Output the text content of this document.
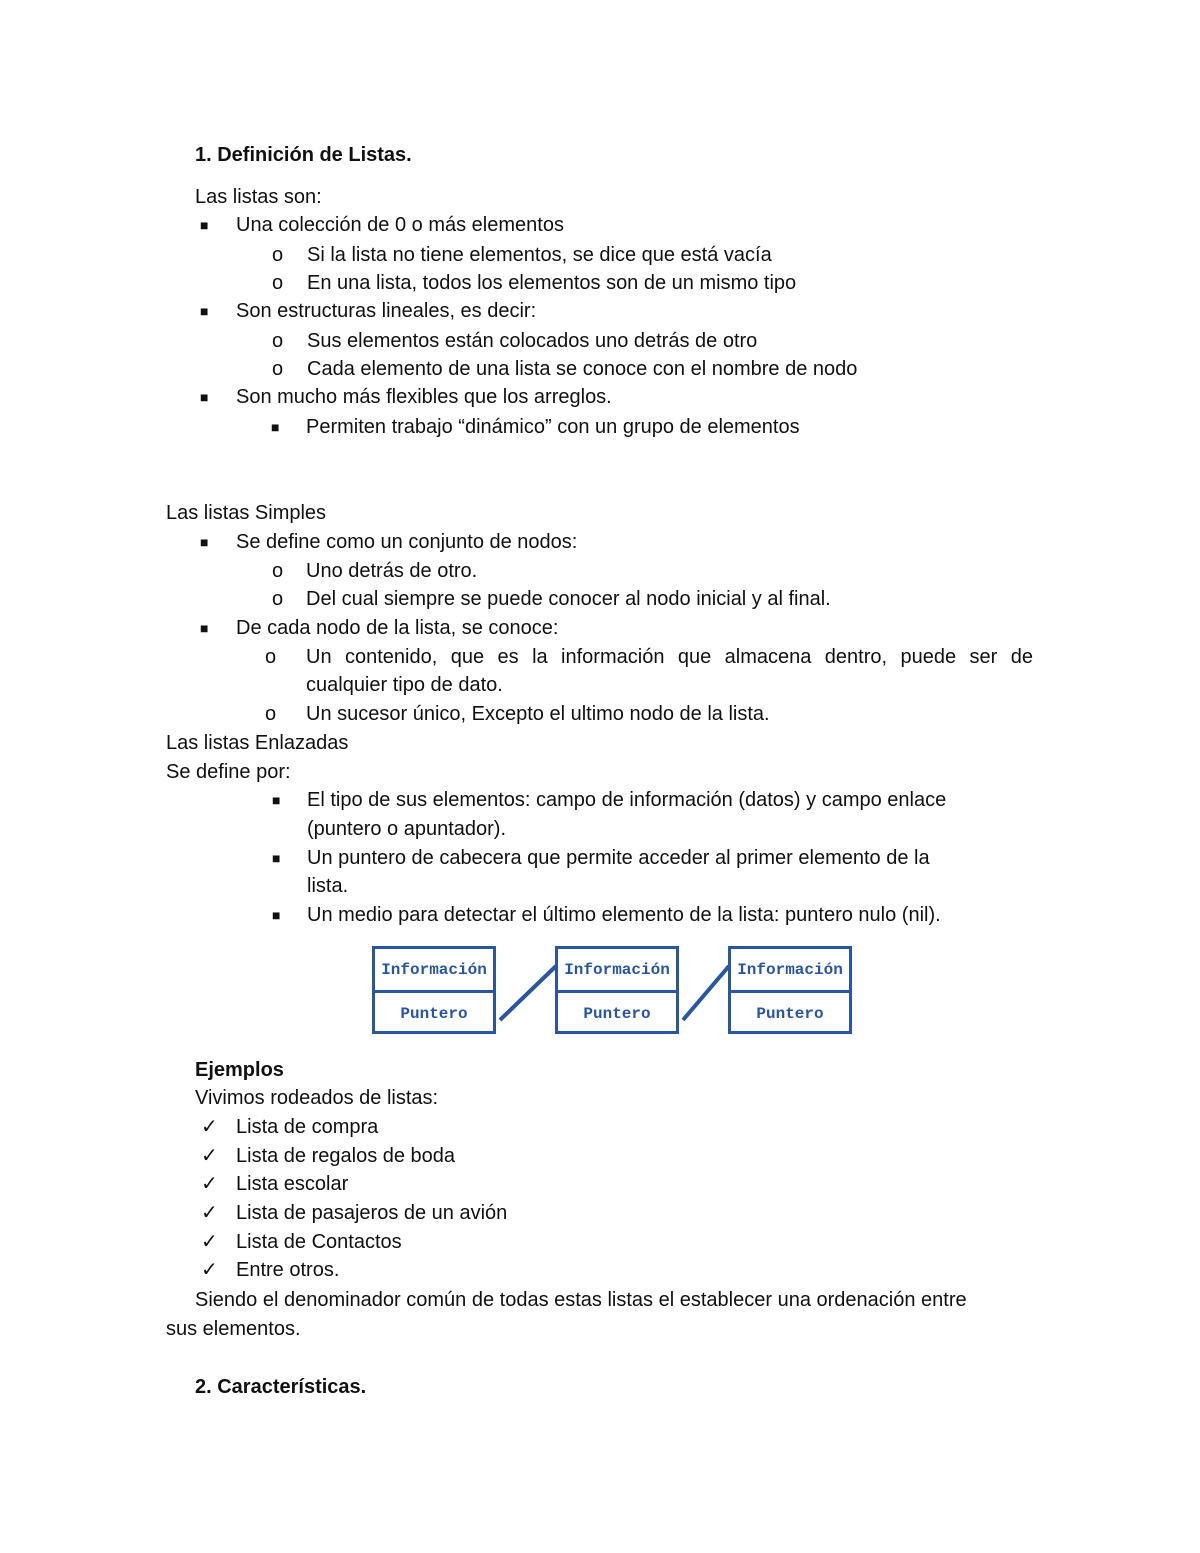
1. Definición de Listas.
Las listas son:
■ Una colección de 0 o más elementos
o Si la lista no tiene elementos, se dice que está vacía
o En una lista, todos los elementos son de un mismo tipo
■ Son estructuras lineales, es decir:
o Sus elementos están colocados uno detrás de otro
o Cada elemento de una lista se conoce con el nombre de nodo
■ Son mucho más flexibles que los arreglos.
■ Permiten trabajo “dinámico” con un grupo de elementos
Las listas Simples
■ Se define como un conjunto de nodos:
o Uno detrás de otro.
o Del cual siempre se puede conocer al nodo inicial y al final.
■ De cada nodo de la lista, se conoce:
o Un contenido, que es la información que almacena dentro, puede ser de
cualquier tipo de dato.
o Un sucesor único, Excepto el ultimo nodo de la lista.
Las listas Enlazadas
Se define por:
■ El tipo de sus elementos: campo de información (datos) y campo enlace
(puntero o apuntador).
■ Un puntero de cabecera que permite acceder al primer elemento de la
lista.
■ Un medio para detectar el último elemento de la lista: puntero nulo (nil).
Información
Puntero
Información
Puntero
Información
Puntero
Ejemplos
Vivimos rodeados de listas:
✓ Lista de compra
✓ Lista de regalos de boda
✓ Lista escolar
✓ Lista de pasajeros de un avión
✓ Lista de Contactos
✓ Entre otros.
Siendo el denominador común de todas estas listas el establecer una ordenación entre
sus elementos.
2. Características.
